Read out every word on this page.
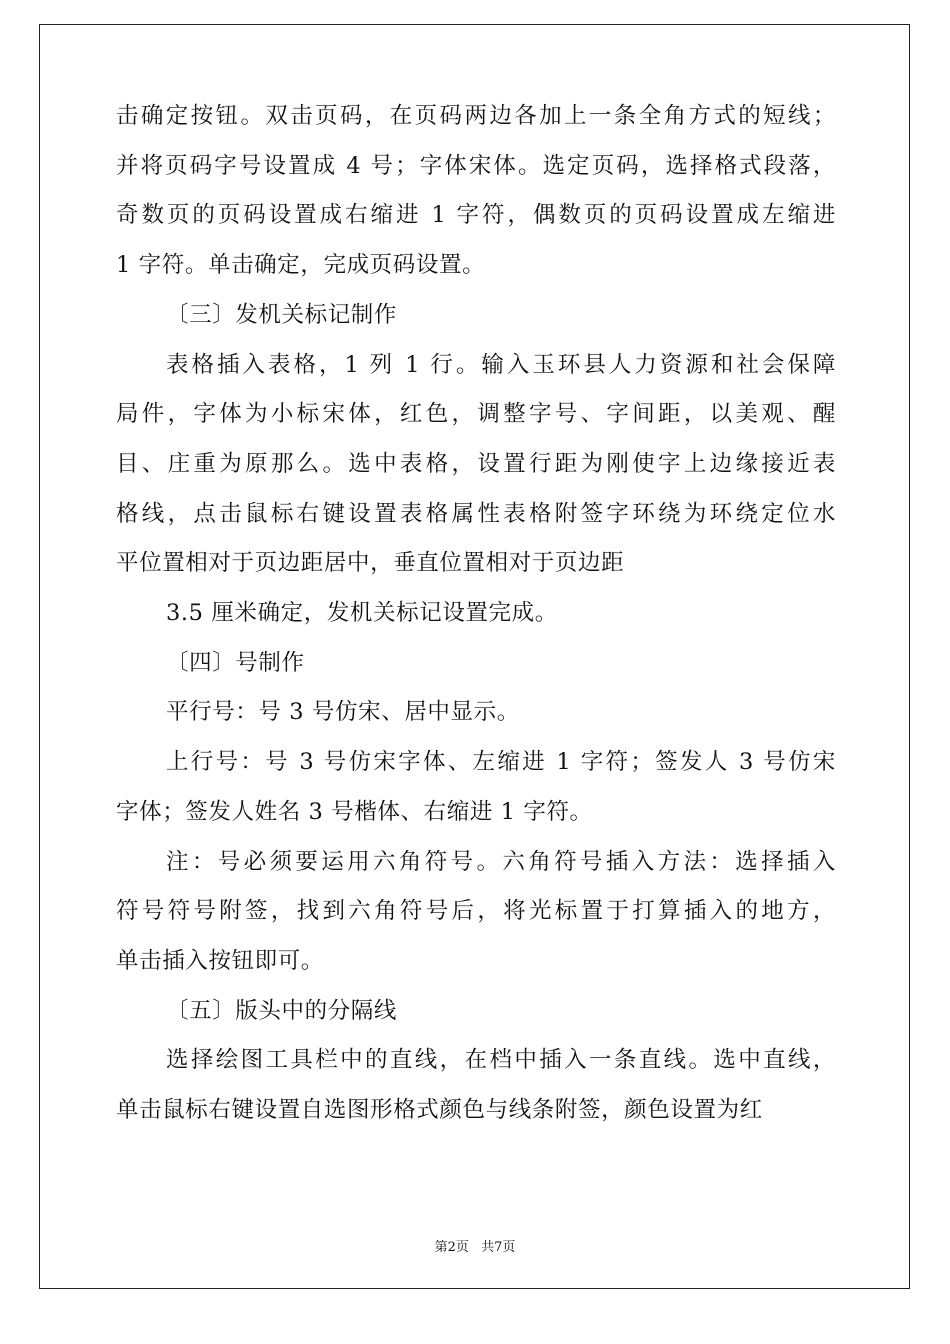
击确定按钮。双击页码，在页码两边各加上一条全角方式的短线；
并将页码字号设置成 4 号；字体宋体。选定页码，选择格式段落，
奇数页的页码设置成右缩进 1 字符，偶数页的页码设置成左缩进
1 字符。单击确定，完成页码设置。

〔三〕发机关标记制作

表格插入表格，1 列 1 行。输入玉环县人力资源和社会保障
局件，字体为小标宋体，红色，调整字号、字间距，以美观、醒
目、庄重为原那么。选中表格，设置行距为刚使字上边缘接近表
格线，点击鼠标右键设置表格属性表格附签字环绕为环绕定位水
平位置相对于页边距居中，垂直位置相对于页边距

3.5 厘米确定，发机关标记设置完成。

〔四〕号制作

平行号：号 3 号仿宋、居中显示。

上行号：号 3 号仿宋字体、左缩进 1 字符；签发人 3 号仿宋
字体；签发人姓名 3 号楷体、右缩进 1 字符。

注：号必须要运用六角符号。六角符号插入方法：选择插入
符号符号附签，找到六角符号后，将光标置于打算插入的地方，
单击插入按钮即可。

〔五〕版头中的分隔线

选择绘图工具栏中的直线，在档中插入一条直线。选中直线，
单击鼠标右键设置自选图形格式颜色与线条附签，颜色设置为红

第2页 共7页
